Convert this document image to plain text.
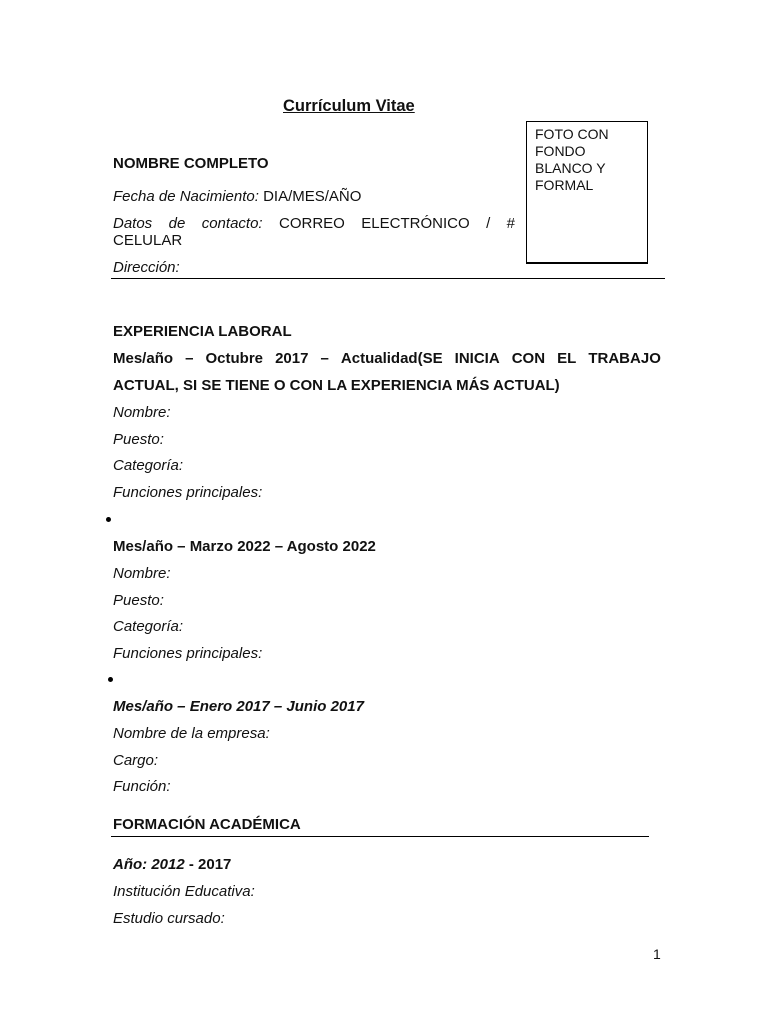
Currículum Vitae
FOTO CON
FONDO
BLANCO Y
FORMAL
NOMBRE COMPLETO
Fecha de Nacimiento: DIA/MES/AÑO
Datos de contacto: CORREO ELECTRÓNICO / #
CELULAR
Dirección:
EXPERIENCIA LABORAL
Mes/año – Octubre 2017 – Actualidad(SE INICIA CON EL TRABAJO
ACTUAL, SI SE TIENE O CON LA EXPERIENCIA MÁS ACTUAL)
Nombre:
Puesto:
Categoría:
Funciones principales:
Mes/año – Marzo 2022 – Agosto 2022
Nombre:
Puesto:
Categoría:
Funciones principales:
Mes/año – Enero 2017 – Junio 2017
Nombre de la empresa:
Cargo:
Función:
FORMACIÓN ACADÉMICA
Año: 2012 - 2017
Institución Educativa:
Estudio cursado:
1
